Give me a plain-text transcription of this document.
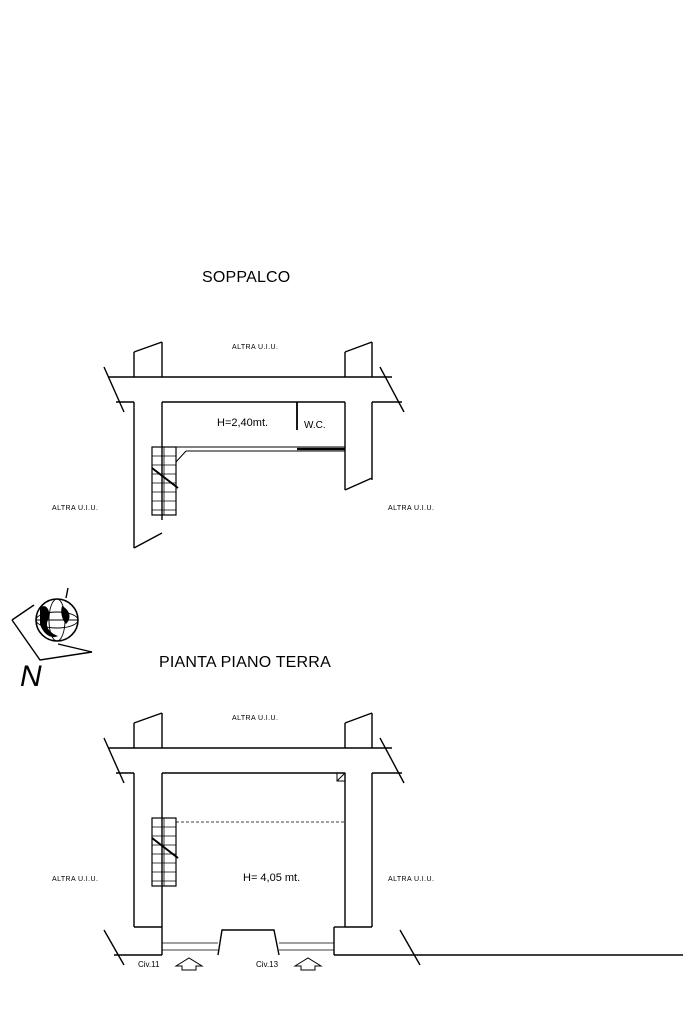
SOPPALCO
PIANTA PIANO TERRA
ALTRA U.I.U.
ALTRA U.I.U.	ALTRA U.I.U.
H=2,40mt.	W.C.
ALTRA U.I.U.
ALTRA U.I.U.	ALTRA U.I.U.
H= 4,05 mt.
Civ.11	Civ.13
N
